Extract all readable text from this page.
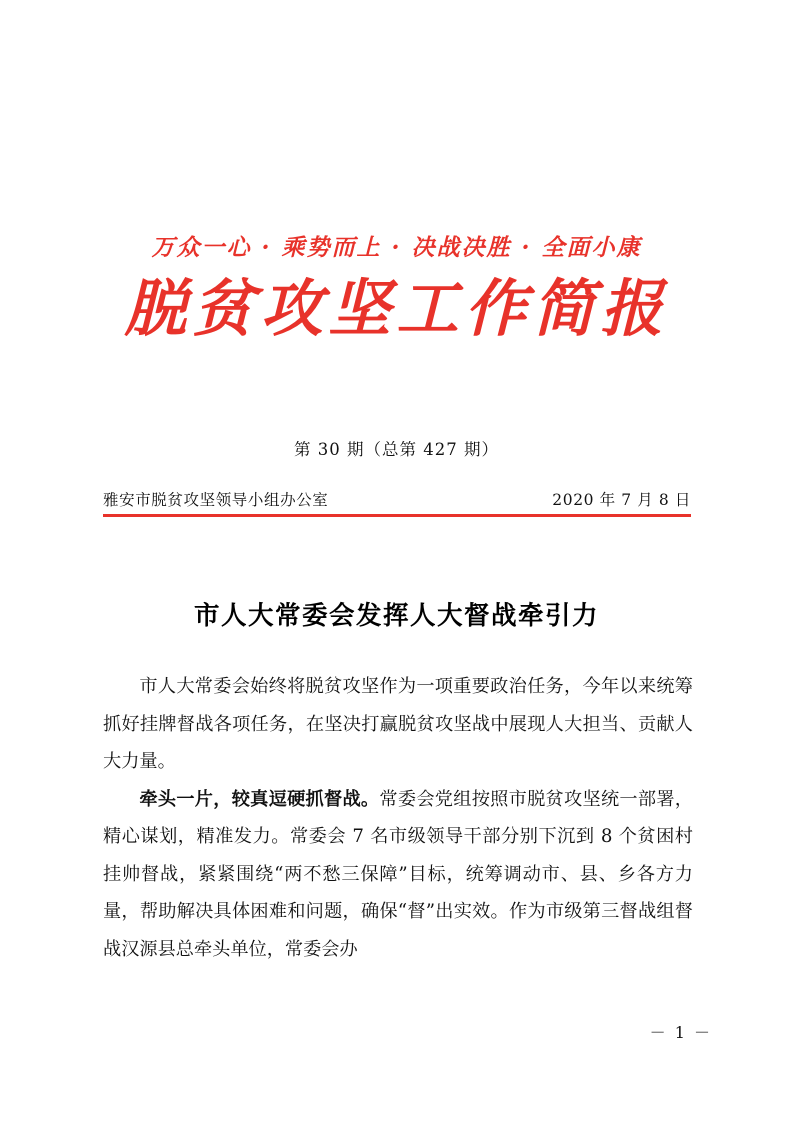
万众一心 · 乘势而上 · 决战决胜 · 全面小康
脱贫攻坚工作简报
第 30 期（总第 427 期）
雅安市脱贫攻坚领导小组办公室	2020 年 7 月 8 日
市人大常委会发挥人大督战牵引力

市人大常委会始终将脱贫攻坚作为一项重要政治任务，今年以来统筹抓好挂牌督战各项任务，在坚决打赢脱贫攻坚战中展现人大担当、贡献人大力量。

牵头一片，较真逗硬抓督战。常委会党组按照市脱贫攻坚统一部署，精心谋划，精准发力。常委会 7 名市级领导干部分别下沉到 8 个贫困村挂帅督战，紧紧围绕“两不愁三保障”目标，统筹调动市、县、乡各方力量，帮助解决具体困难和问题，确保“督”出实效。作为市级第三督战组督战汉源县总牵头单位，常委会办

－ 1 －
